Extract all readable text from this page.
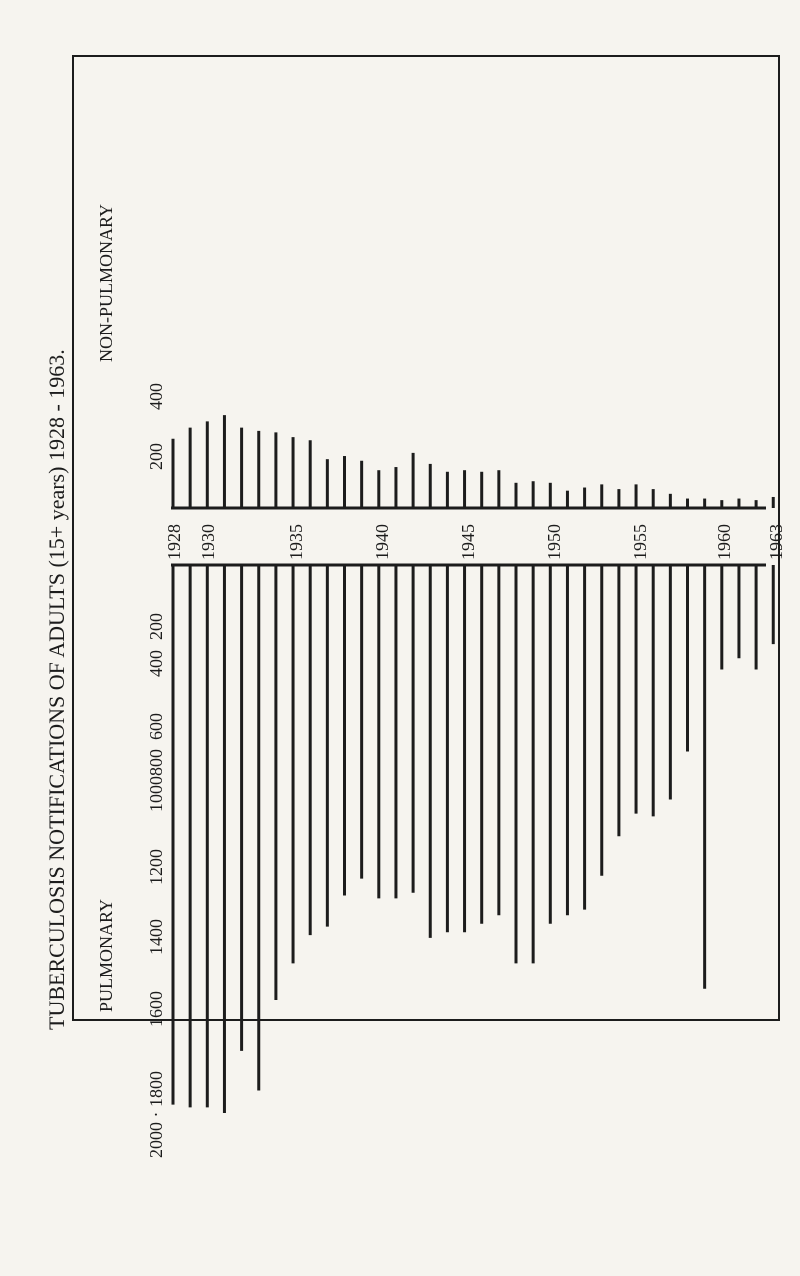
TUBERCULOSIS NOTIFICATIONS OF ADULTS (15+ years) 1928 - 1963. PULMONARY
NON-PULMONARY
2000 · 1800
1600
1400
1200
1000
800
600
400
200
200
400
1928 1930	1935	1940	1945	1950	1955	1960 1963
